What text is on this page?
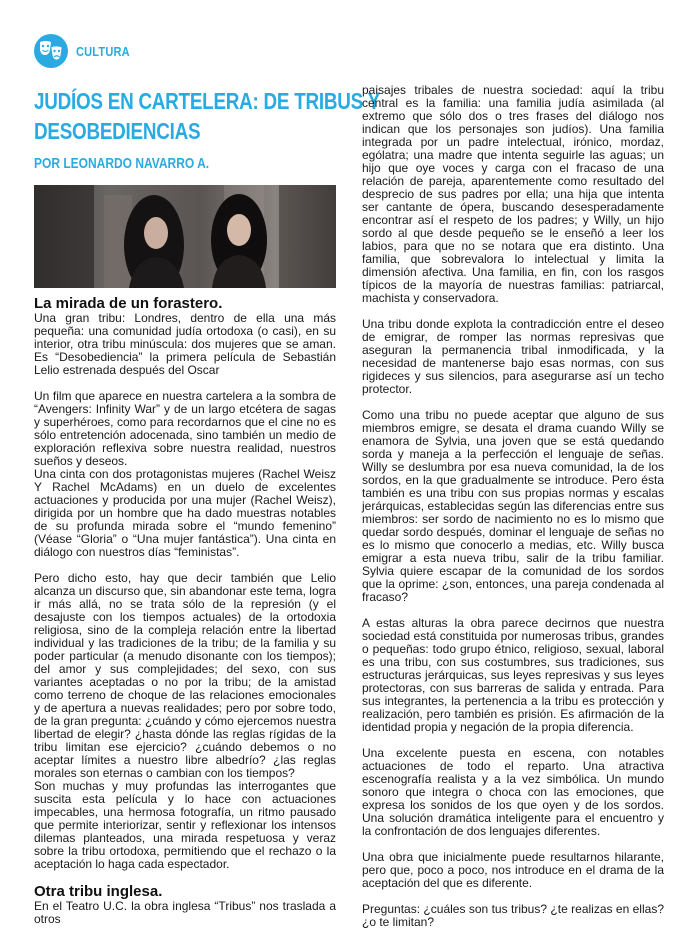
CULTURA
JUDÍOS EN CARTELERA: DE TRIBUS Y
DESOBEDIENCIAS
POR LEONARDO NAVARRO A.
La mirada de un forastero.

Una gran tribu: Londres, dentro de ella una más pequeña: una comunidad judía ortodoxa (o casi), en su interior, otra tribu minúscula: dos mujeres que se aman. Es “Desobediencia” la primera película de Sebastián Lelio estrenada después del Oscar

Un film que aparece en nuestra cartelera a la sombra de “Avengers: Infinity War” y de un largo etcétera de sagas y superhéroes, como para recordarnos que el cine no es sólo entretención adocenada, sino también un medio de exploración reflexiva sobre nuestra realidad, nuestros sueños y deseos.

Una cinta con dos protagonistas mujeres (Rachel Weisz Y Rachel McAdams) en un duelo de excelentes actuaciones y producida por una mujer (Rachel Weisz), dirigida por un hombre que ha dado muestras notables de su profunda mirada sobre el “mundo femenino” (Véase “Gloria” o “Una mujer fantástica”). Una cinta en diálogo con nuestros días “feministas”.

Pero dicho esto, hay que decir también que Lelio alcanza un discurso que, sin abandonar este tema, logra ir más allá, no se trata sólo de la represión (y el desajuste con los tiempos actuales) de la ortodoxia religiosa, sino de la compleja relación entre la libertad individual y las tradiciones de la tribu; de la familia y su poder particular (a menudo disonante con los tiempos); del amor y sus complejidades; del sexo, con sus variantes aceptadas o no por la tribu; de la amistad como terreno de choque de las relaciones emocionales y de apertura a nuevas realidades; pero por sobre todo, de la gran pregunta: ¿cuándo y cómo ejercemos nuestra libertad de elegir? ¿hasta dónde las reglas rígidas de la tribu limitan ese ejercicio? ¿cuándo debemos o no aceptar límites a nuestro libre albedrío? ¿las reglas morales son eternas o cambian con los tiempos?

Son muchas y muy profundas las interrogantes que suscita esta película y lo hace con actuaciones impecables, una hermosa fotografía, un ritmo pausado que permite interiorizar, sentir y reflexionar los intensos dilemas planteados, una mirada respetuosa y veraz sobre la tribu ortodoxa, permitiendo que el rechazo o la aceptación lo haga cada espectador.

Otra tribu inglesa.

En el Teatro U.C. la obra inglesa “Tribus” nos traslada a otros

paisajes tribales de nuestra sociedad: aquí la tribu central es la familia: una familia judía asimilada (al extremo que sólo dos o tres frases del diálogo nos indican que los personajes son judíos). Una familia integrada por un padre intelectual, irónico, mordaz, ególatra; una madre que intenta seguirle las aguas; un hijo que oye voces y carga con el fracaso de una relación de pareja, aparentemente como resultado del desprecio de sus padres por ella; una hija que intenta ser cantante de ópera, buscando desesperadamente encontrar así el respeto de los padres; y Willy, un hijo sordo al que desde pequeño se le enseñó a leer los labios, para que no se notara que era distinto. Una familia, que sobrevalora lo intelectual y limita la dimensión afectiva. Una familia, en fin, con los rasgos típicos de la mayoría de nuestras familias: patriarcal, machista y conservadora.

Una tribu donde explota la contradicción entre el deseo de emigrar, de romper las normas represivas que aseguran la permanencia tribal inmodificada, y la necesidad de mantenerse bajo esas normas, con sus rigideces y sus silencios, para asegurarse así un techo protector.

Como una tribu no puede aceptar que alguno de sus miembros emigre, se desata el drama cuando Willy se enamora de Sylvia, una joven que se está quedando sorda y maneja a la perfección el lenguaje de señas. Willy se deslumbra por esa nueva comunidad, la de los sordos, en la que gradualmente se introduce. Pero ésta también es una tribu con sus propias normas y escalas jerárquicas, establecidas según las diferencias entre sus miembros: ser sordo de nacimiento no es lo mismo que quedar sordo después, dominar el lenguaje de señas no es lo mismo que conocerlo a medias, etc. Willy busca emigrar a esta nueva tribu, salir de la tribu familiar. Sylvia quiere escapar de la comunidad de los sordos que la oprime: ¿son, entonces, una pareja condenada al fracaso?

A estas alturas la obra parece decirnos que nuestra sociedad está constituida por numerosas tribus, grandes o pequeñas: todo grupo étnico, religioso, sexual, laboral es una tribu, con sus costumbres, sus tradiciones, sus estructuras jerárquicas, sus leyes represivas y sus leyes protectoras, con sus barreras de salida y entrada. Para sus integrantes, la pertenencia a la tribu es protección y realización, pero también es prisión. Es afirmación de la identidad propia y negación de la propia diferencia.

Una excelente puesta en escena, con notables actuaciones de todo el reparto. Una atractiva escenografía realista y a la vez simbólica. Un mundo sonoro que integra o choca con las emociones, que expresa los sonidos de los que oyen y de los sordos. Una solución dramática inteligente para el encuentro y la confrontación de dos lenguajes diferentes.

Una obra que inicialmente puede resultarnos hilarante, pero que, poco a poco, nos introduce en el drama de la aceptación del que es diferente.

Preguntas: ¿cuáles son tus tribus? ¿te realizas en ellas? ¿o te limitan?
